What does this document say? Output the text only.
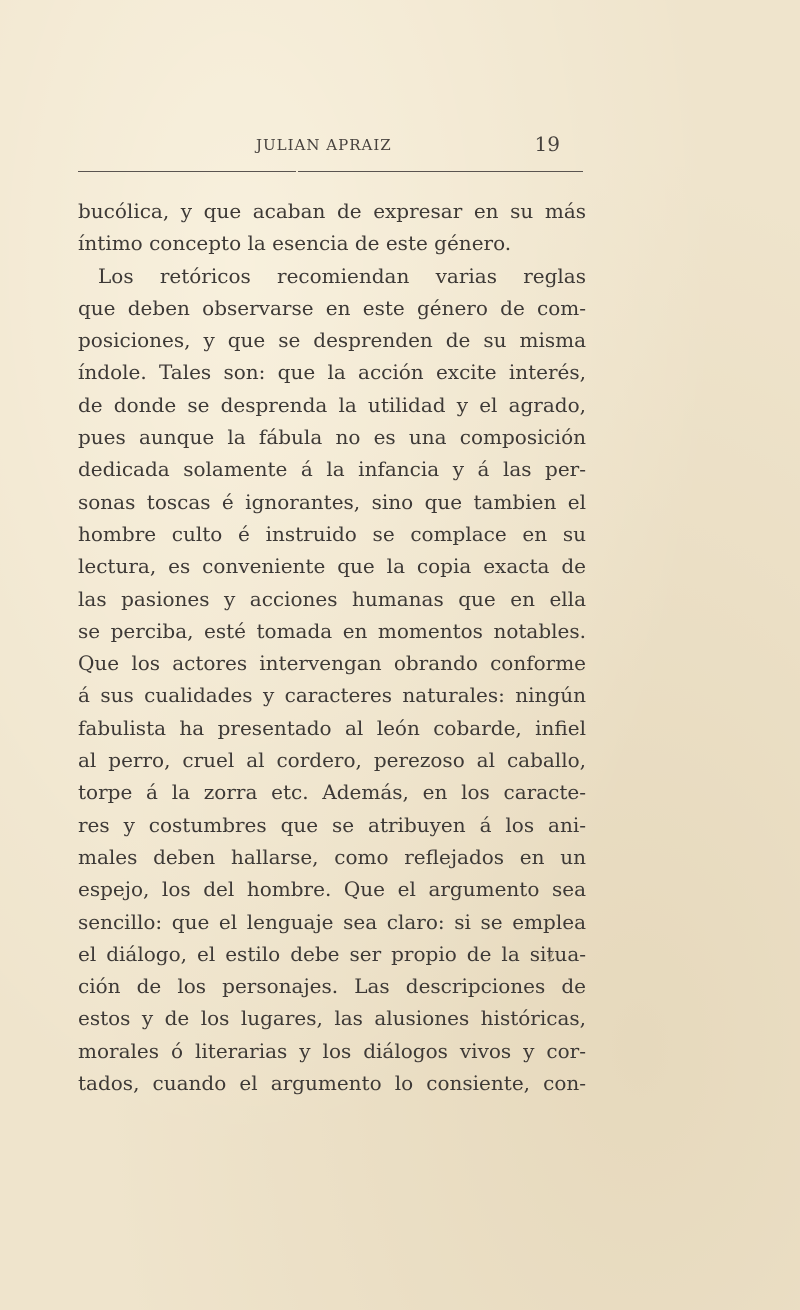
JULIAN APRAIZ	19
bucólica, y que acaban de expresar en su más
íntimo concepto la esencia de este género.
Los retóricos recomiendan varias reglas
que deben observarse en este género de com-
posiciones, y que se desprenden de su misma
índole. Tales son: que la acción excite interés,
de donde se desprenda la utilidad y el agrado,
pues aunque la fábula no es una composición
dedicada solamente á la infancia y á las per-
sonas toscas é ignorantes, sino que tambien el
hombre culto é instruido se complace en su
lectura, es conveniente que la copia exacta de
las pasiones y acciones humanas que en ella
se perciba, esté tomada en momentos notables.
Que los actores intervengan obrando conforme
á sus cualidades y caracteres naturales: ningún
fabulista ha presentado al león cobarde, infiel
al perro, cruel al cordero, perezoso al caballo,
torpe á la zorra etc. Además, en los caracte-
res y costumbres que se atribuyen á los ani-
males deben hallarse, como reflejados en un
espejo, los del hombre. Que el argumento sea
sencillo: que el lenguaje sea claro: si se emplea
el diálogo, el estilo debe ser propio de la situa-
ción de los personajes. Las descripciones de
estos y de los lugares, las alusiones históricas,
morales ó literarias y los diálogos vivos y cor-
tados, cuando el argumento lo consiente, con-
